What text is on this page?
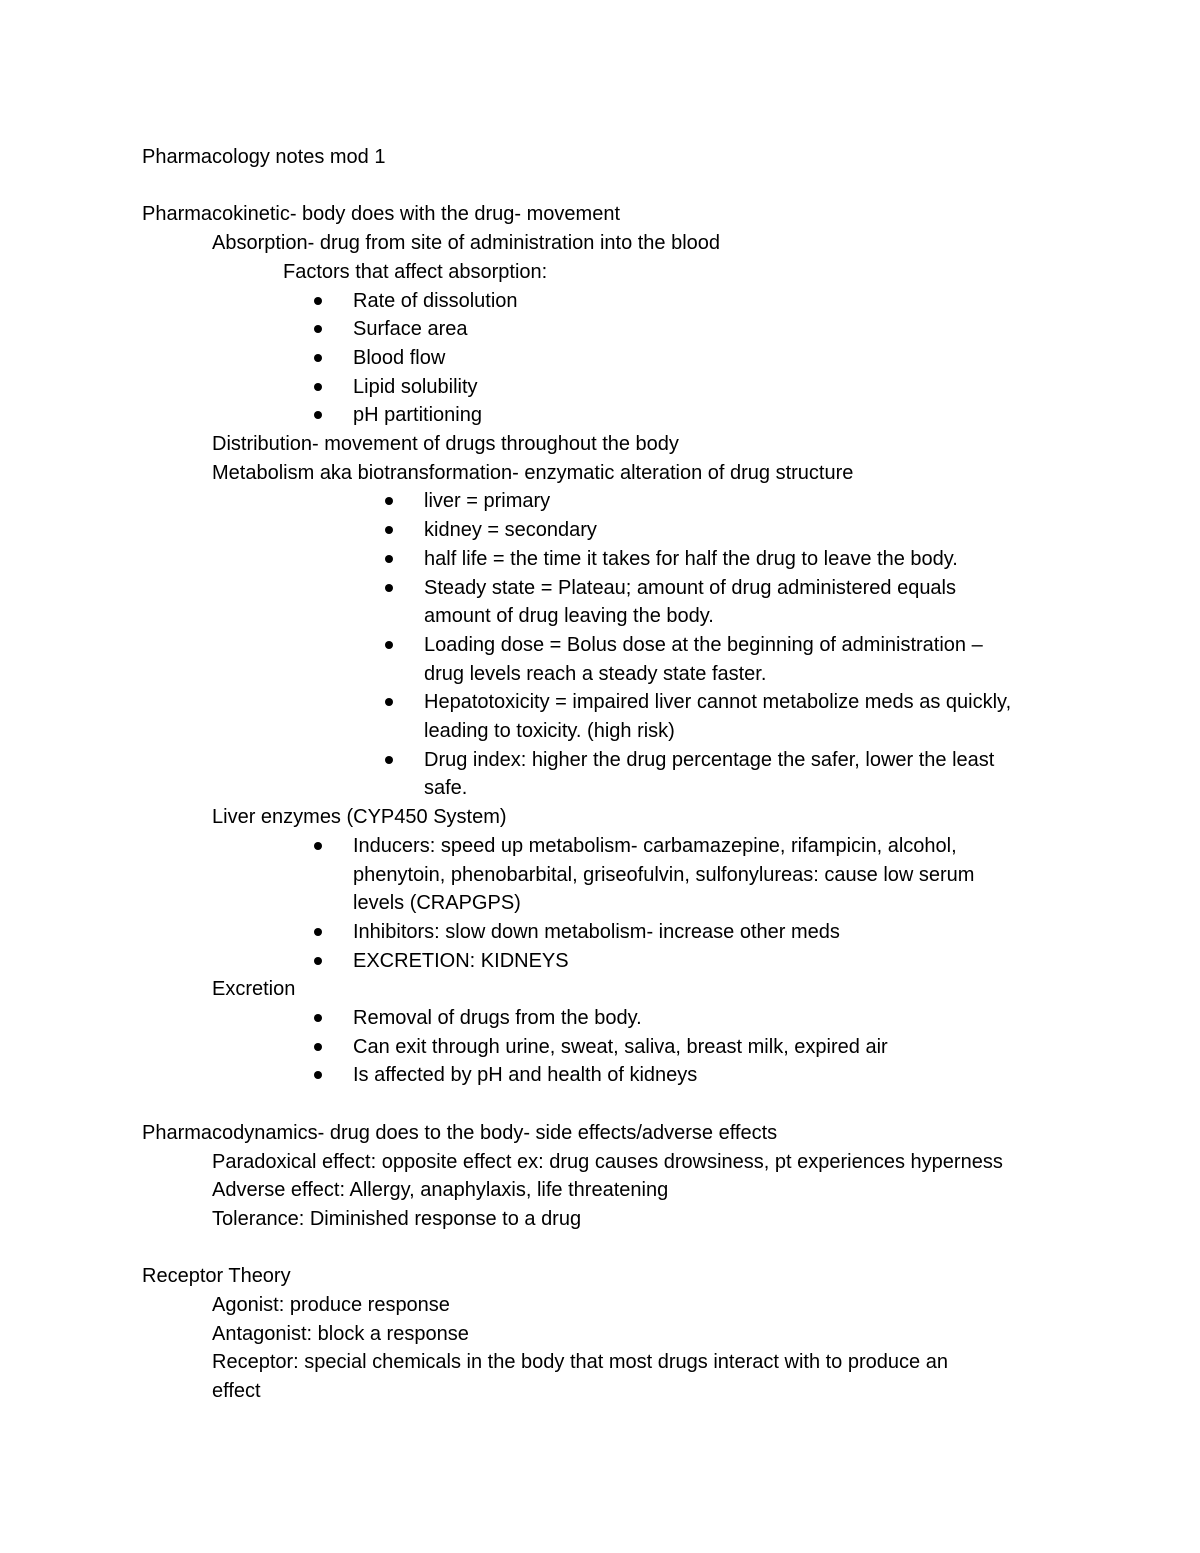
Pharmacology notes mod 1
Pharmacokinetic- body does with the drug- movement
Absorption- drug from site of administration into the blood
Factors that affect absorption:
Rate of dissolution
Surface area
Blood flow
Lipid solubility
pH partitioning
Distribution- movement of drugs throughout the body
Metabolism aka biotransformation- enzymatic alteration of drug structure
liver = primary
kidney = secondary
half life = the time it takes for half the drug to leave the body.
Steady state = Plateau; amount of drug administered equals
amount of drug leaving the body.
Loading dose = Bolus dose at the beginning of administration –
drug levels reach a steady state faster.
Hepatotoxicity = impaired liver cannot metabolize meds as quickly,
leading to toxicity. (high risk)
Drug index: higher the drug percentage the safer, lower the least
safe.
Liver enzymes (CYP450 System)
Inducers: speed up metabolism- carbamazepine, rifampicin, alcohol,
phenytoin, phenobarbital, griseofulvin, sulfonylureas: cause low serum
levels (CRAPGPS)
Inhibitors: slow down metabolism- increase other meds
EXCRETION: KIDNEYS
Excretion
Removal of drugs from the body.
Can exit through urine, sweat, saliva, breast milk, expired air
Is affected by pH and health of kidneys
Pharmacodynamics- drug does to the body- side effects/adverse effects
Paradoxical effect: opposite effect ex: drug causes drowsiness, pt experiences hyperness
Adverse effect: Allergy, anaphylaxis, life threatening
Tolerance: Diminished response to a drug
Receptor Theory
Agonist: produce response
Antagonist: block a response
Receptor: special chemicals in the body that most drugs interact with to produce an
effect
